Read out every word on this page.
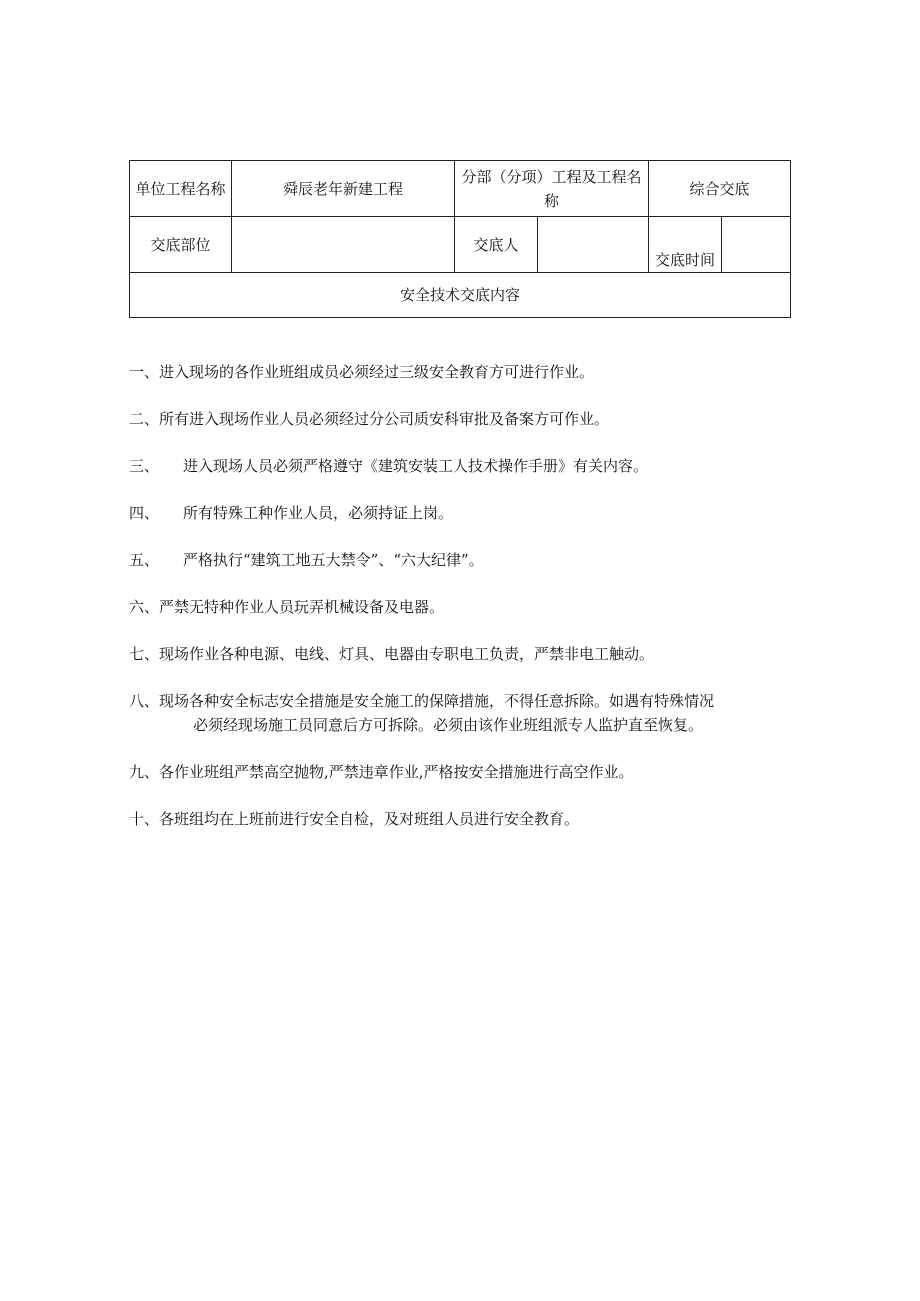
单位工程名称	舜辰老年新建工程	分部（分项）工程及工程名称		综合交底	
交底部位		交底人		交底时间	
安全技术交底内容					
一、进入现场的各作业班组成员必须经过三级安全教育方可进行作业。
二、所有进入现场作业人员必须经过分公司质安科审批及备案方可作业。
三、 进入现场人员必须严格遵守《建筑安装工人技术操作手册》有关内容。
四、 所有特殊工种作业人员，必须持证上岗。
五、 严格执行“建筑工地五大禁令”、“六大纪律”。
六、严禁无特种作业人员玩弄机械设备及电器。
七、现场作业各种电源、电线、灯具、电器由专职电工负责，严禁非电工触动。
八、现场各种安全标志安全措施是安全施工的保障措施，不得任意拆除。如遇有特殊情况
必须经现场施工员同意后方可拆除。必须由该作业班组派专人监护直至恢复。
九、各作业班组严禁高空抛物,严禁违章作业,严格按安全措施进行高空作业。
十、各班组均在上班前进行安全自检，及对班组人员进行安全教育。
